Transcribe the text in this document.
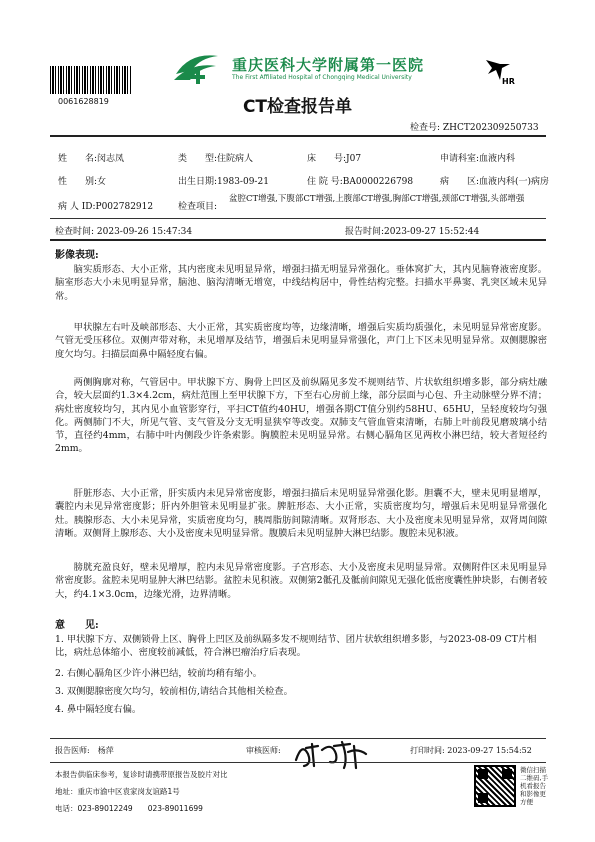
0061628819
重庆医科大学附属第一医院
The First Affiliated Hospital of Chongqing Medical University	HR
CT检查报告单
检查号: ZHCT202309250733
姓　　名:闵志凤	类　　型:住院病人	床　　号:J07	申请科室:血液内科
性　　别:女	出生日期:1983-09-21	住 院 号:BA0000226798	病　　区:血液内科(一)病房
病 人 ID:P002782912	检查项目:
盆腔CT增强,下腹部CT增强,上腹部CT增强,胸部CT增强,颈部CT增强,头部增强
检查时间: 2023-09-26 15:47:34	报告时间:2023-09-27 15:52:44
影像表现:
脑实质形态、大小正常，其内密度未见明显异常，增强扫描无明显异常强化。垂体窝扩大，其内见脑脊液密度影。脑室形态大小未见明显异常，脑池、脑沟清晰无增宽，中线结构居中，骨性结构完整。扫描水平鼻窦、乳突区域未见异常。
甲状腺左右叶及峡部形态、大小正常，其实质密度均等，边缘清晰，增强后实质均质强化，未见明显异常密度影。气管无受压移位。双侧声带对称，未见增厚及结节，增强后未见明显异常强化，声门上下区未见明显异常。双侧腮腺密度欠均匀。扫描层面鼻中隔轻度右偏。
两侧胸廓对称，气管居中。甲状腺下方、胸骨上凹区及前纵隔见多发不规则结节、片状软组织增多影，部分病灶融合，较大层面约1.3×4.2cm，病灶范围上至甲状腺下方，下至右心房前上缘，部分层面与心包、升主动脉壁分界不清；病灶密度较均匀，其内见小血管影穿行，平扫CT值约40HU，增强各期CT值分别约58HU、65HU，呈轻度较均匀强化。两侧肺门不大，所见气管、支气管及分支无明显狭窄等改变。双肺支气管血管束清晰，右肺上叶前段见磨玻璃小结节，直径约4mm，右肺中叶内侧段少许条索影。胸膜腔未见明显异常。右侧心膈角区见两枚小淋巴结，较大者短径约2mm。
肝脏形态、大小正常，肝实质内未见异常密度影，增强扫描后未见明显异常强化影。胆囊不大，壁未见明显增厚，囊腔内未见异常密度影；肝内外胆管未见明显扩张。脾脏形态、大小正常，实质密度均匀，增强后未见明显异常强化灶。胰腺形态、大小未见异常，实质密度均匀，胰周脂肪间隙清晰。双肾形态、大小及密度未见明显异常，双肾周间隙清晰。双侧肾上腺形态、大小及密度未见明显异常。腹膜后未见明显肿大淋巴结影。腹腔未见积液。
膀胱充盈良好，壁未见增厚，腔内未见异常密度影。子宫形态、大小及密度未见明显异常。双侧附件区未见明显异常密度影。盆腔未见明显肿大淋巴结影。盆腔未见积液。双侧第2骶孔及骶前间隙见无强化低密度囊性肿块影，右侧者较大，约4.1×3.0cm，边缘光滑，边界清晰。
意　　见:
1. 甲状腺下方、双侧锁骨上区、胸骨上凹区及前纵隔多发不规则结节、团片状软组织增多影，与2023-08-09 CT片相比，病灶总体缩小、密度较前减低，符合淋巴瘤治疗后表现。
2. 右侧心膈角区少许小淋巴结，较前均稍有缩小。
3. 双侧腮腺密度欠均匀，较前相仿,请结合其他相关检查。
4. 鼻中隔轻度右偏。
报告医师:　杨萍	审核医师:	打印时间: 2023-09-27 15:54:52
本报告供临床参考，复诊时请携带原报告及胶片对比
地址：重庆市渝中区袁家岗友谊路1号
电话：023-89012249　　023-89011699
微信扫描二维码,手机看报告和影像更方便
